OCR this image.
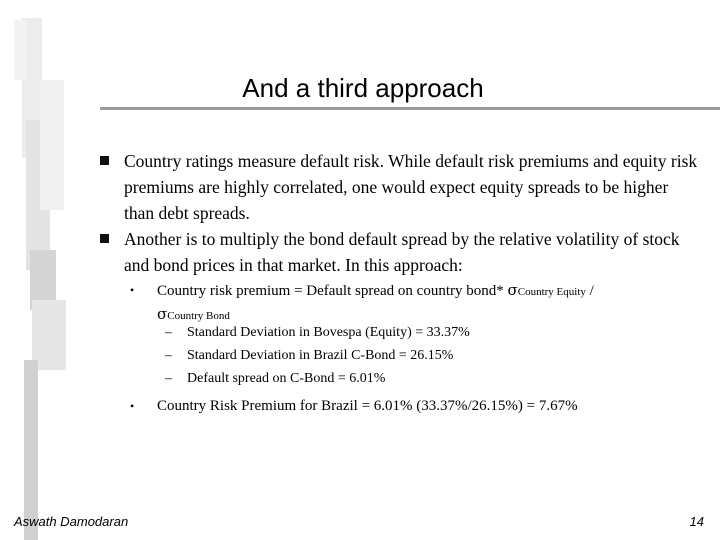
And a third approach
Country ratings measure default risk. While default risk premiums and equity risk premiums are highly correlated, one would expect equity spreads to be higher than debt spreads.
Another is to multiply the bond default spread by the relative volatility of stock and bond prices in that market. In this approach:
• Country risk premium = Default spread on country bond* σCountry Equity /
σCountry Bond
– Standard Deviation in Bovespa (Equity) = 33.37%
– Standard Deviation in Brazil C-Bond = 26.15%
– Default spread on C-Bond = 6.01%
• Country Risk Premium for Brazil = 6.01% (33.37%/26.15%) = 7.67%
Aswath Damodaran	14
